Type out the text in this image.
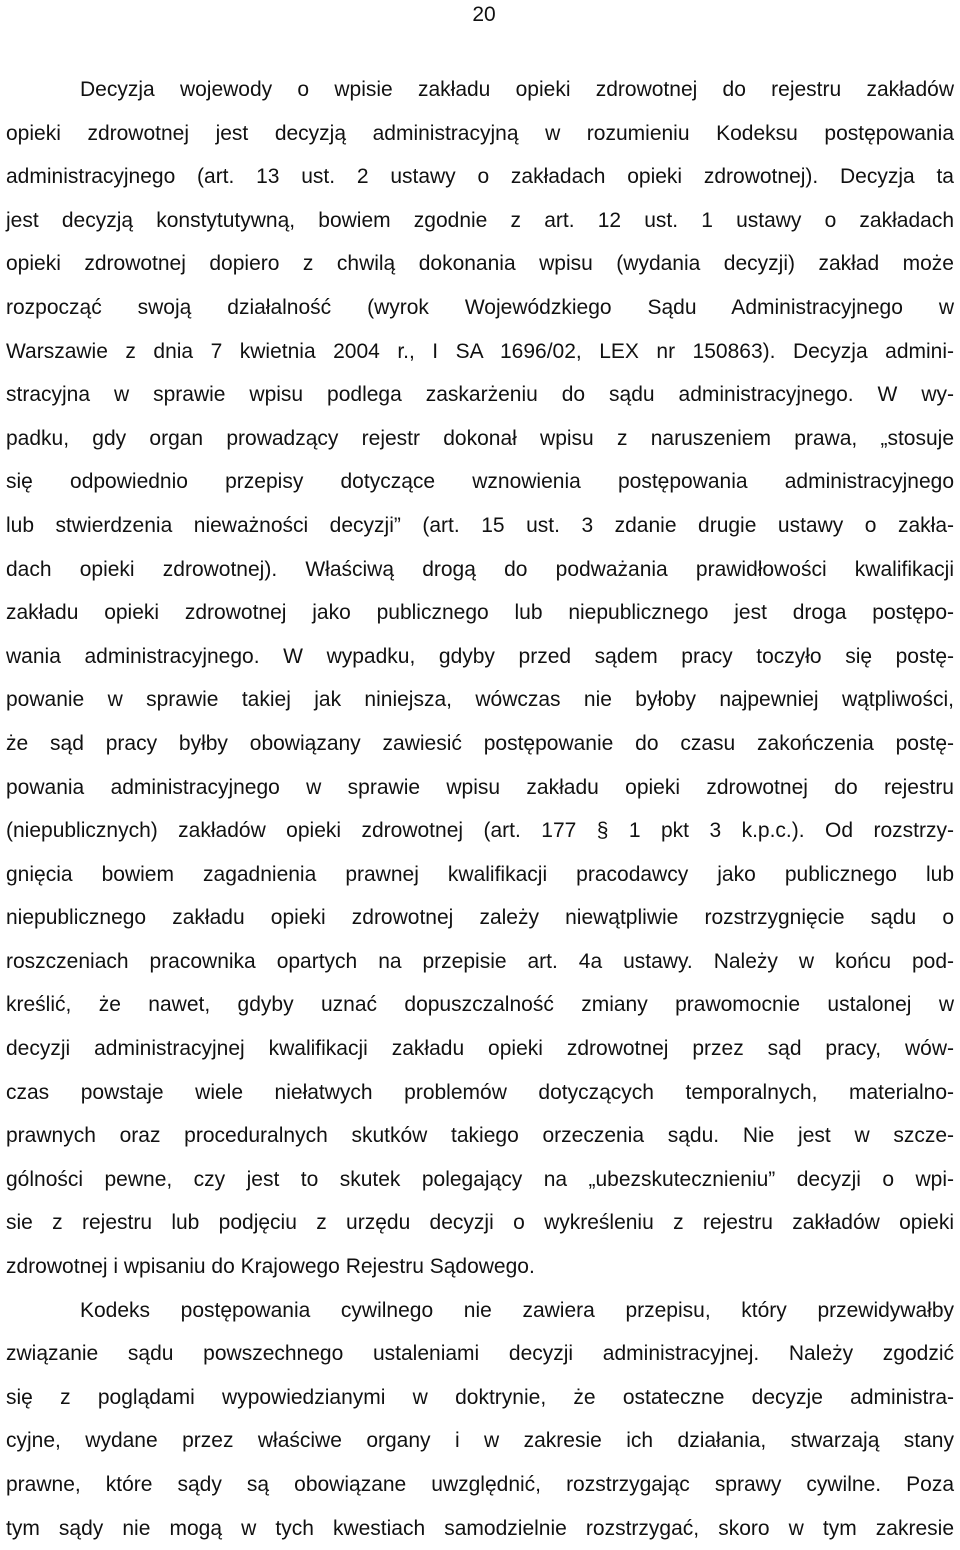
20
Decyzja wojewody o wpisie zakładu opieki zdrowotnej do rejestru zakładów
opieki zdrowotnej jest decyzją administracyjną w rozumieniu Kodeksu postępowania
administracyjnego (art. 13 ust. 2 ustawy o zakładach opieki zdrowotnej). Decyzja ta
jest decyzją konstytutywną, bowiem zgodnie z art. 12 ust. 1 ustawy o zakładach
opieki zdrowotnej dopiero z chwilą dokonania wpisu (wydania decyzji) zakład może
rozpocząć swoją działalność (wyrok Wojewódzkiego Sądu Administracyjnego w
Warszawie z dnia 7 kwietnia 2004 r., I SA 1696/02, LEX nr 150863). Decyzja admini-
stracyjna w sprawie wpisu podlega zaskarżeniu do sądu administracyjnego. W wy-
padku, gdy organ prowadzący rejestr dokonał wpisu z naruszeniem prawa, „stosuje
się odpowiednio przepisy dotyczące wznowienia postępowania administracyjnego
lub stwierdzenia nieważności decyzji” (art. 15 ust. 3 zdanie drugie ustawy o zakła-
dach opieki zdrowotnej). Właściwą drogą do podważania prawidłowości kwalifikacji
zakładu opieki zdrowotnej jako publicznego lub niepublicznego jest droga postępo-
wania administracyjnego. W wypadku, gdyby przed sądem pracy toczyło się postę-
powanie w sprawie takiej jak niniejsza, wówczas nie byłoby najpewniej wątpliwości,
że sąd pracy byłby obowiązany zawiesić postępowanie do czasu zakończenia postę-
powania administracyjnego w sprawie wpisu zakładu opieki zdrowotnej do rejestru
(niepublicznych) zakładów opieki zdrowotnej (art. 177 § 1 pkt 3 k.p.c.). Od rozstrzy-
gnięcia bowiem zagadnienia prawnej kwalifikacji pracodawcy jako publicznego lub
niepublicznego zakładu opieki zdrowotnej zależy niewątpliwie rozstrzygnięcie sądu o
roszczeniach pracownika opartych na przepisie art. 4a ustawy. Należy w końcu pod-
kreślić, że nawet, gdyby uznać dopuszczalność zmiany prawomocnie ustalonej w
decyzji administracyjnej kwalifikacji zakładu opieki zdrowotnej przez sąd pracy, wów-
czas powstaje wiele niełatwych problemów dotyczących temporalnych, materialno-
prawnych oraz proceduralnych skutków takiego orzeczenia sądu. Nie jest w szcze-
gólności pewne, czy jest to skutek polegający na „ubezskutecznieniu” decyzji o wpi-
sie z rejestru lub podjęciu z urzędu decyzji o wykreśleniu z rejestru zakładów opieki
zdrowotnej i wpisaniu do Krajowego Rejestru Sądowego.
Kodeks postępowania cywilnego nie zawiera przepisu, który przewidywałby
związanie sądu powszechnego ustaleniami decyzji administracyjnej. Należy zgodzić
się z poglądami wypowiedzianymi w doktrynie, że ostateczne decyzje administra-
cyjne, wydane przez właściwe organy i w zakresie ich działania, stwarzają stany
prawne, które sądy są obowiązane uwzględnić, rozstrzygając sprawy cywilne. Poza
tym sądy nie mogą w tych kwestiach samodzielnie rozstrzygać, skoro w tym zakresie
